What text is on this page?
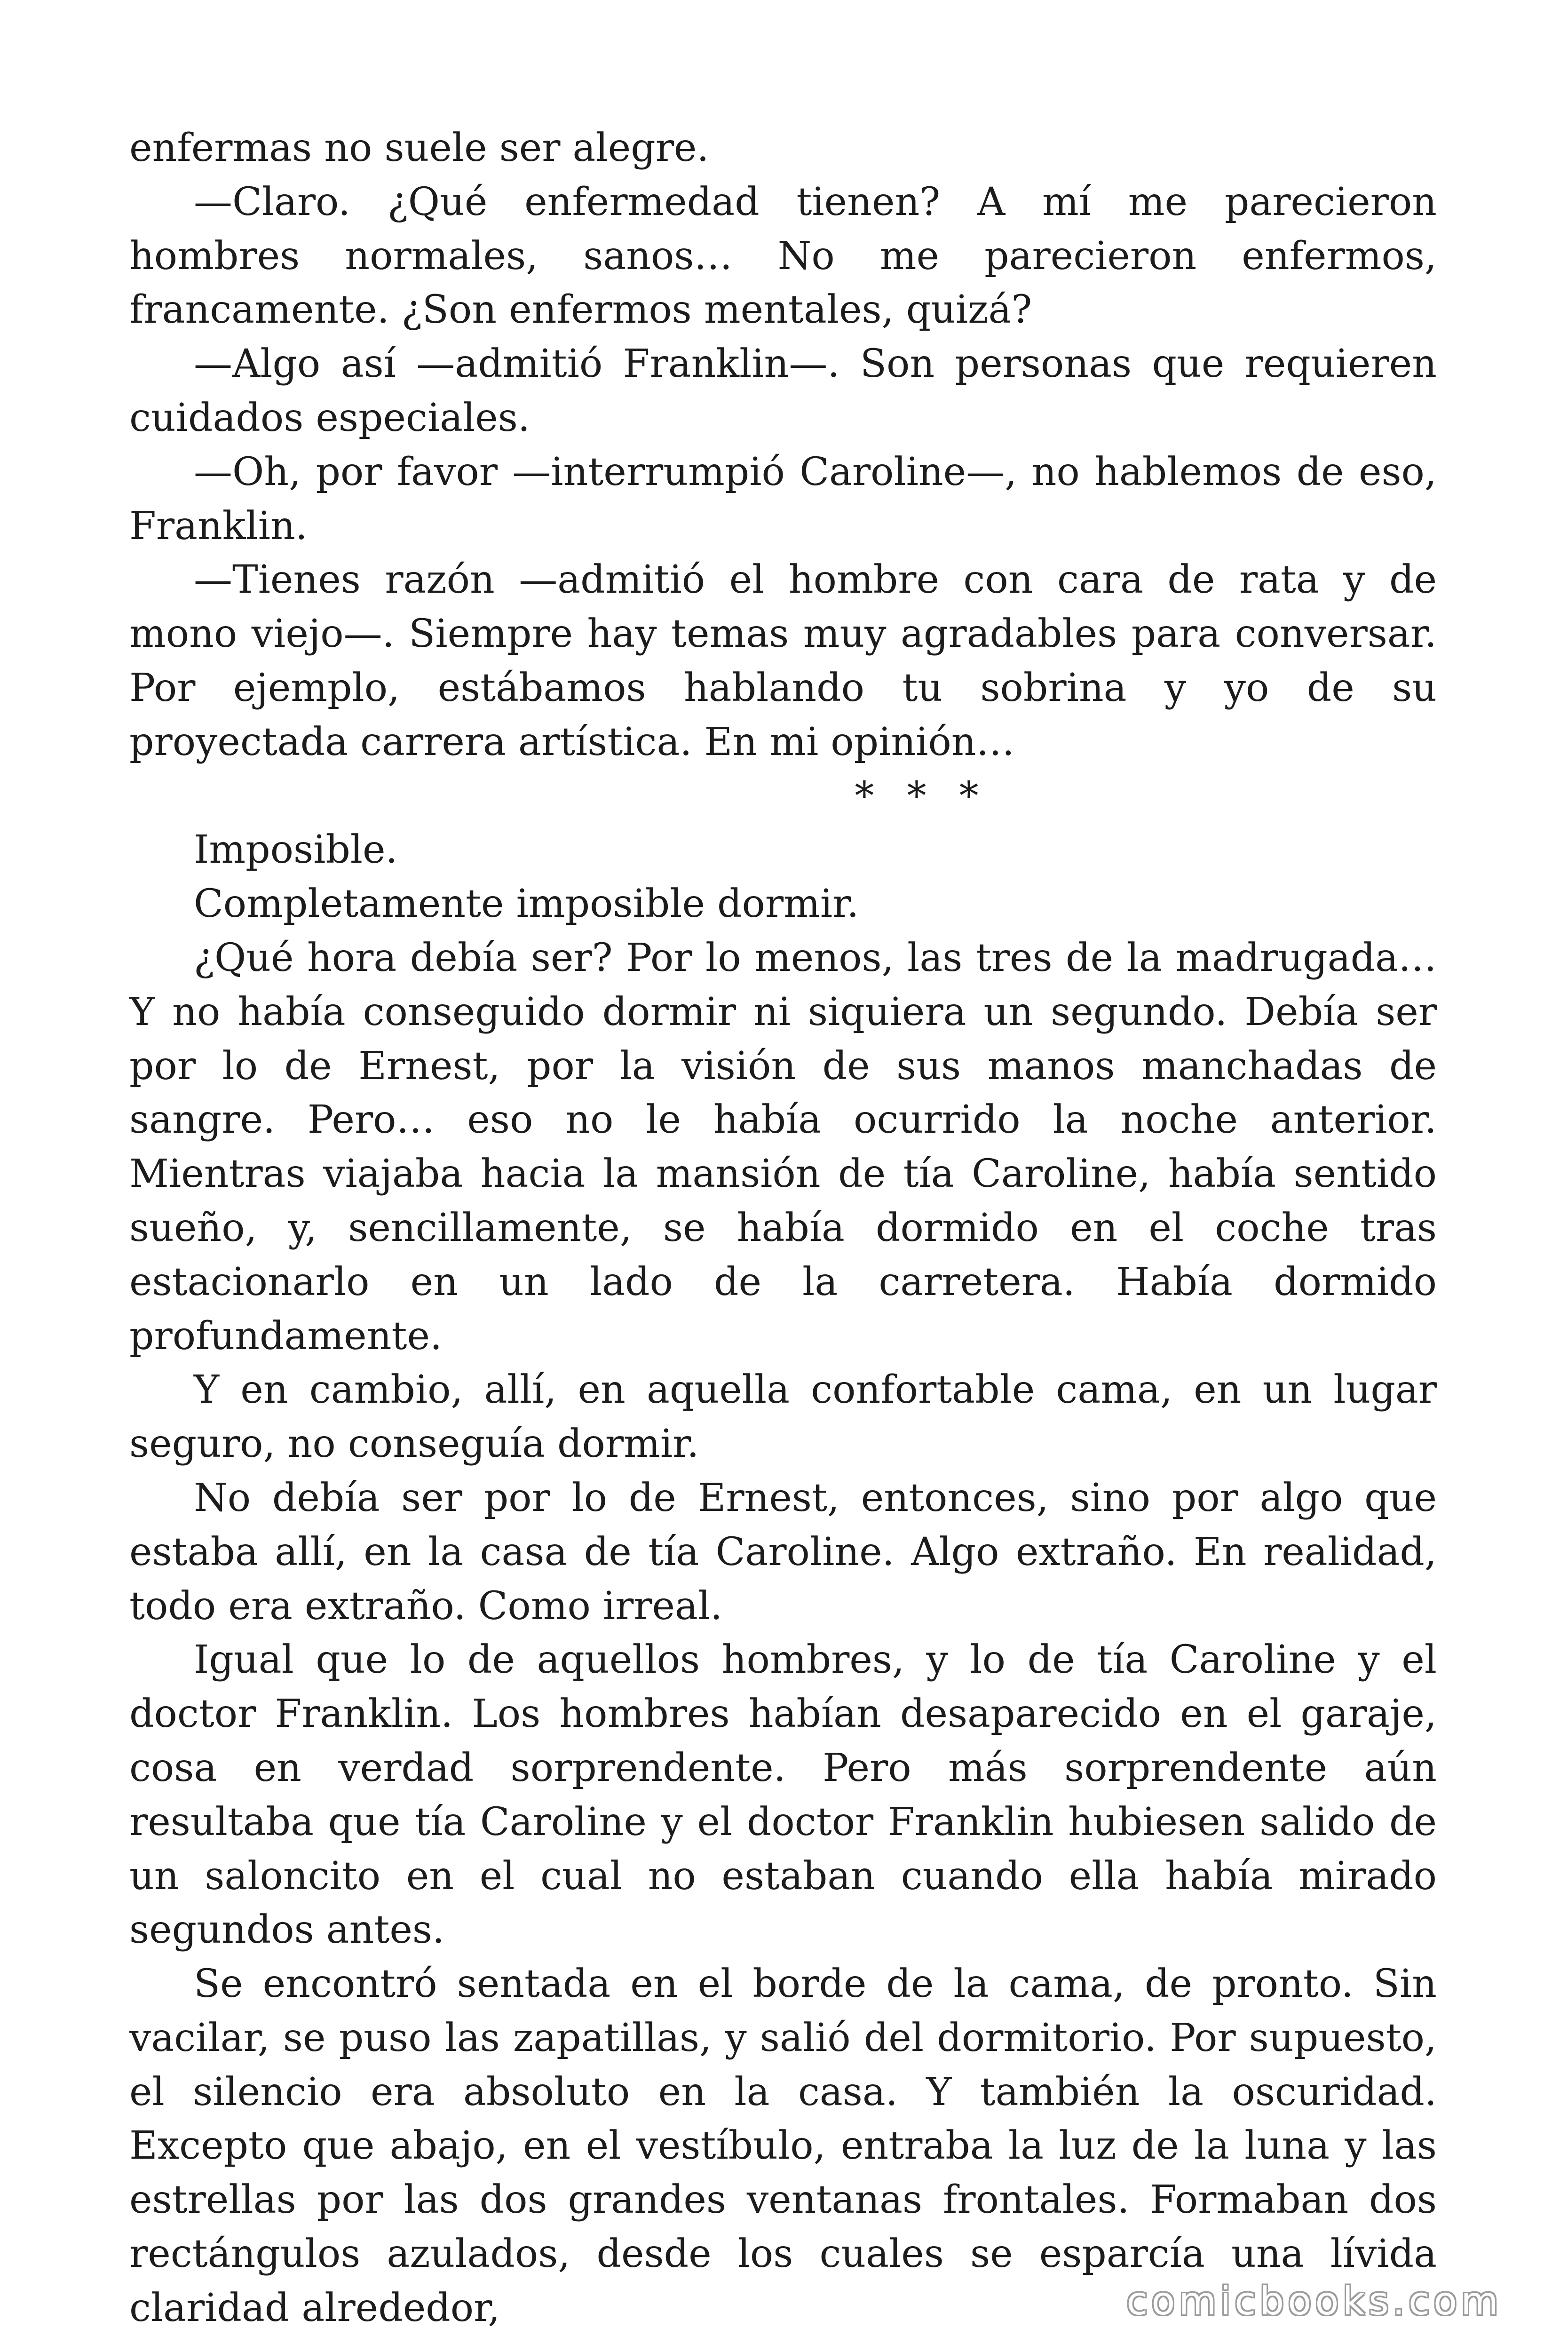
enfermas no suele ser alegre.

—Claro. ¿Qué enfermedad tienen? A mí me parecieron hombres normales, sanos… No me parecieron enfermos, francamente. ¿Son enfermos mentales, quizá?

—Algo así —admitió Franklin—. Son personas que requieren cuidados especiales.

—Oh, por favor —interrumpió Caroline—, no hablemos de eso, Franklin.

—Tienes razón —admitió el hombre con cara de rata y de mono viejo—. Siempre hay temas muy agradables para conversar. Por ejemplo, estábamos hablando tu sobrina y yo de su proyectada carrera artística. En mi opinión…

* * *

Imposible.

Completamente imposible dormir.

¿Qué hora debía ser? Por lo menos, las tres de la madrugada… Y no había conseguido dormir ni siquiera un segundo. Debía ser por lo de Ernest, por la visión de sus manos manchadas de sangre. Pero… eso no le había ocurrido la noche anterior. Mientras viajaba hacia la mansión de tía Caroline, había sentido sueño, y, sencillamente, se había dormido en el coche tras estacionarlo en un lado de la carretera. Había dormido profundamente.

Y en cambio, allí, en aquella confortable cama, en un lugar seguro, no conseguía dormir.

No debía ser por lo de Ernest, entonces, sino por algo que estaba allí, en la casa de tía Caroline. Algo extraño. En realidad, todo era extraño. Como irreal.

Igual que lo de aquellos hombres, y lo de tía Caroline y el doctor Franklin. Los hombres habían desaparecido en el garaje, cosa en verdad sorprendente. Pero más sorprendente aún resultaba que tía Caroline y el doctor Franklin hubiesen salido de un saloncito en el cual no estaban cuando ella había mirado segundos antes.

Se encontró sentada en el borde de la cama, de pronto. Sin vacilar, se puso las zapatillas, y salió del dormitorio. Por supuesto, el silencio era absoluto en la casa. Y también la oscuridad. Excepto que abajo, en el vestíbulo, entraba la luz de la luna y las estrellas por las dos grandes ventanas frontales. Formaban dos rectángulos azulados, desde los cuales se esparcía una lívida claridad alrededor,	comicbooks.com
